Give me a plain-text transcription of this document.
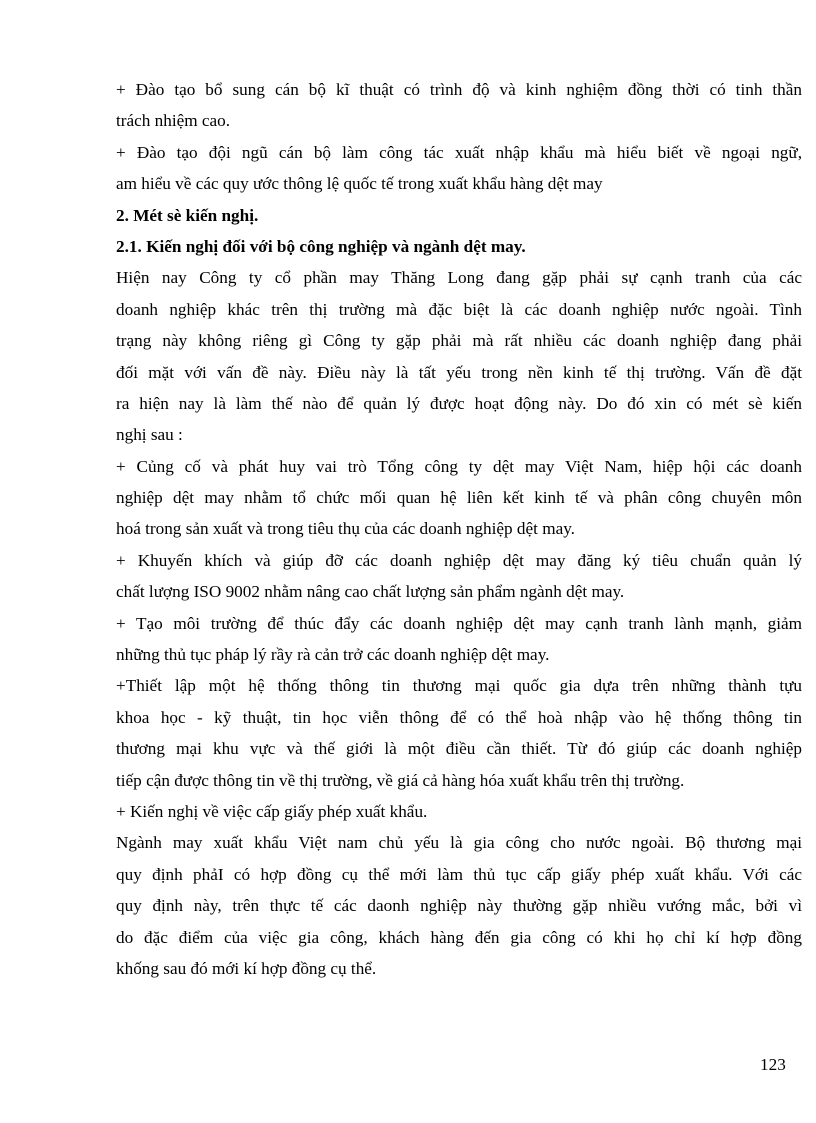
+ Đào tạo bổ sung cán bộ kĩ thuật có trình độ và kinh nghiệm đồng thời có tinh thần
trách nhiệm cao.
+ Đào tạo đội ngũ cán bộ làm công tác xuất nhập khẩu mà hiểu biết về ngoại ngữ,
am hiểu về các quy ước thông lệ quốc tế trong xuất khẩu hàng dệt may
2. Mét sè kiến nghị.
2.1. Kiến nghị đối với bộ công nghiệp và ngành dệt may.
Hiện nay Công ty cổ phần may Thăng Long đang gặp phải sự cạnh tranh của các
doanh nghiệp khác trên thị trường mà đặc biệt là các doanh nghiệp nước ngoài. Tình
trạng này không riêng gì Công ty gặp phải mà rất nhiều các doanh nghiệp đang phải
đối mặt với vấn đề này. Điều này là tất yếu trong nền kinh tế thị trường. Vấn đề đặt
ra hiện nay là làm thế nào để quản lý được hoạt động này. Do đó xin có mét sè kiến
nghị sau :
+ Củng cố và phát huy vai trò Tổng công ty dệt may Việt Nam, hiệp hội các doanh
nghiệp dệt may nhằm tổ chức mối quan hệ liên kết kinh tế và phân công chuyên môn
hoá trong sản xuất và trong tiêu thụ của các doanh nghiệp dệt may.
+ Khuyến khích và giúp đỡ các doanh nghiệp dệt may đăng ký tiêu chuẩn quản lý
chất lượng ISO 9002 nhằm nâng cao chất lượng sản phẩm ngành dệt may.
+ Tạo môi trường để thúc đẩy các doanh nghiệp dệt may cạnh tranh lành mạnh, giảm
những thủ tục pháp lý rầy rà cản trở các doanh nghiệp dệt may.
+Thiết lập một hệ thống thông tin thương mại quốc gia dựa trên những thành tựu
khoa học - kỹ thuật, tin học viễn thông để có thể hoà nhập vào hệ thống thông tin
thương mại khu vực và thế giới là một điều cần thiết. Từ đó giúp các doanh nghiệp
tiếp cận được thông tin về thị trường, về giá cả hàng hóa xuất khẩu trên thị trường.
+ Kiến nghị về việc cấp giấy phép xuất khẩu.
Ngành may xuất khẩu Việt nam chủ yếu là gia công cho nước ngoài. Bộ thương mại
quy định phảI có hợp đồng cụ thể mới làm thủ tục cấp giấy phép xuất khẩu. Với các
quy định này, trên thực tế các daonh nghiệp này thường gặp nhiều vướng mắc, bởi vì
do đặc điểm của việc gia công, khách hàng đến gia công có khi họ chỉ kí hợp đồng
khống sau đó mới kí hợp đồng cụ thể.
123
